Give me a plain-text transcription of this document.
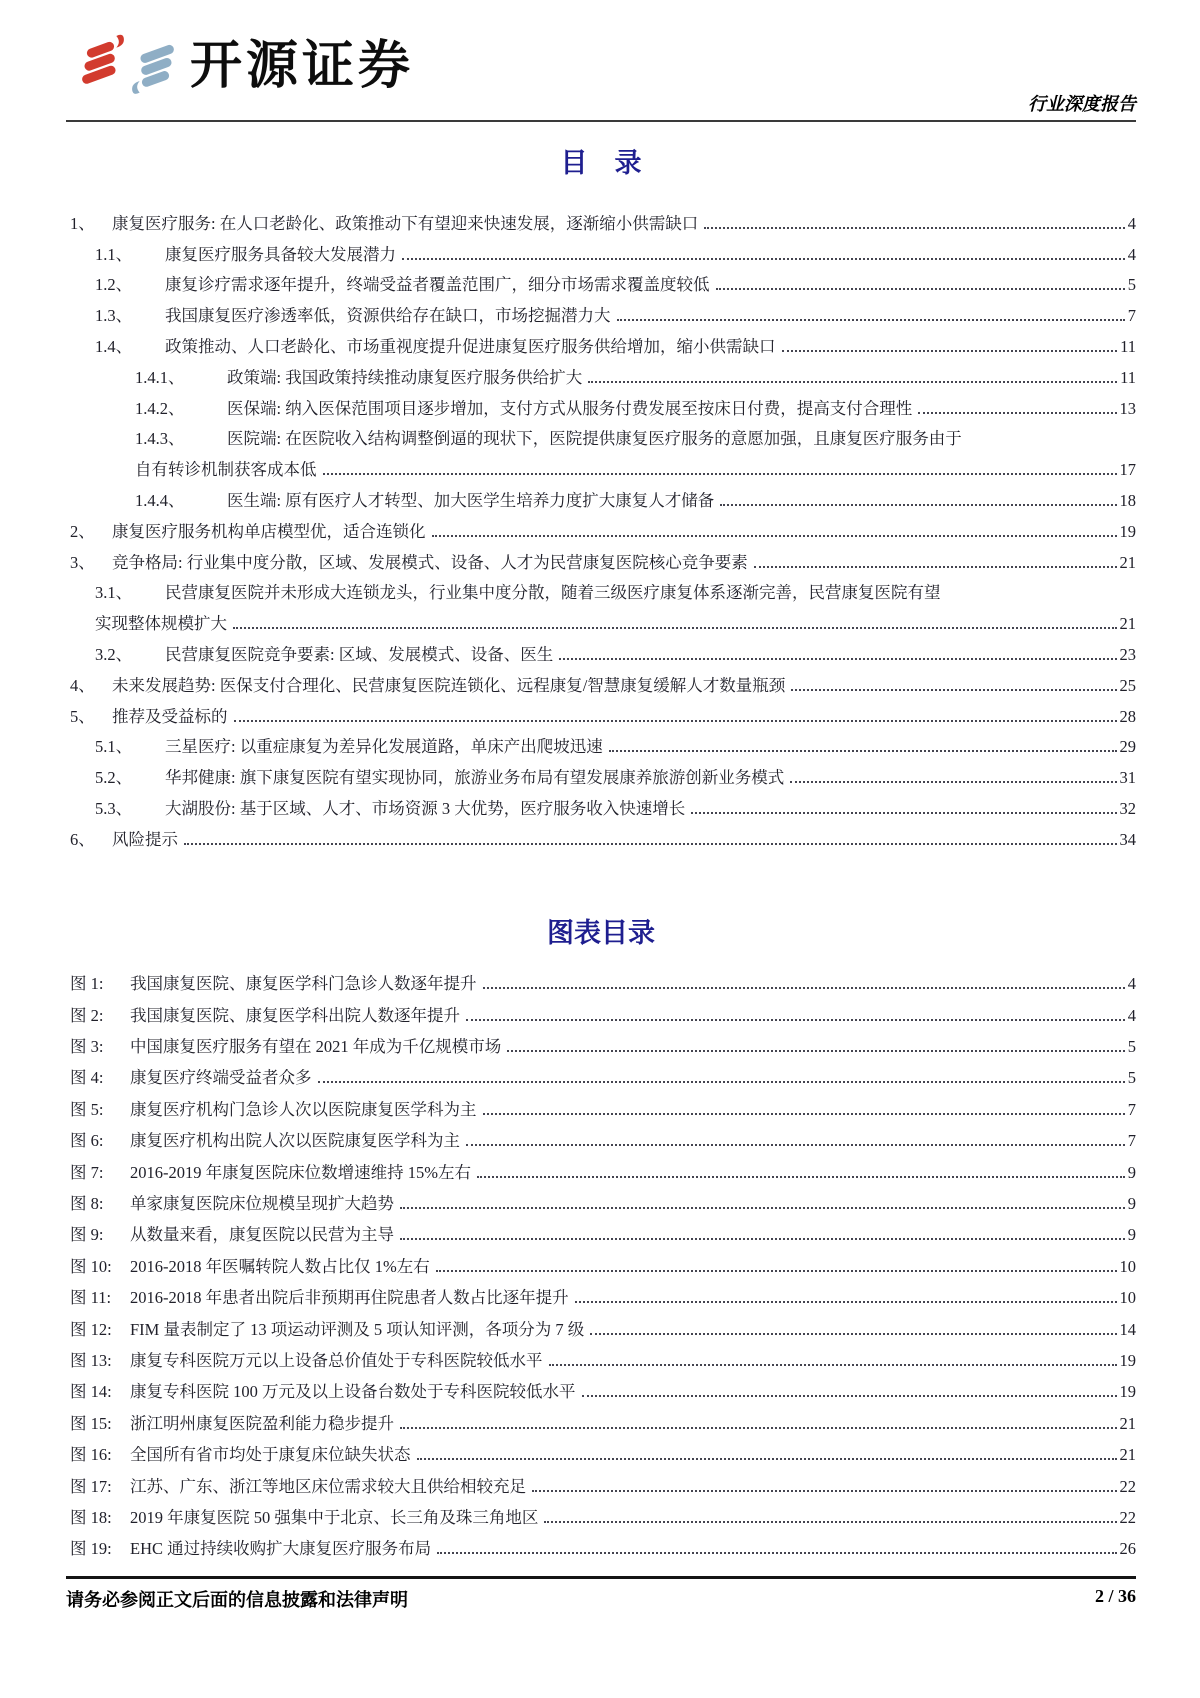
开源证券
行业深度报告
目　录
1、	康复医疗服务: 在人口老龄化、政策推动下有望迎来快速发展，逐渐缩小供需缺口	4
1.1、	康复医疗服务具备较大发展潜力	4
1.2、	康复诊疗需求逐年提升，终端受益者覆盖范围广，细分市场需求覆盖度较低	5
1.3、	我国康复医疗渗透率低，资源供给存在缺口，市场挖掘潜力大	7
1.4、	政策推动、人口老龄化、市场重视度提升促进康复医疗服务供给增加，缩小供需缺口	11
1.4.1、	政策端: 我国政策持续推动康复医疗服务供给扩大	11
1.4.2、	医保端: 纳入医保范围项目逐步增加，支付方式从服务付费发展至按床日付费，提高支付合理性	13
1.4.3、	医院端: 在医院收入结构调整倒逼的现状下，医院提供康复医疗服务的意愿加强，且康复医疗服务由于
自有转诊机制获客成本低	17
1.4.4、	医生端: 原有医疗人才转型、加大医学生培养力度扩大康复人才储备	18
2、	康复医疗服务机构单店模型优，适合连锁化	19
3、	竞争格局: 行业集中度分散，区域、发展模式、设备、人才为民营康复医院核心竞争要素	21
3.1、	民营康复医院并未形成大连锁龙头，行业集中度分散，随着三级医疗康复体系逐渐完善，民营康复医院有望
实现整体规模扩大	21
3.2、	民营康复医院竞争要素: 区域、发展模式、设备、医生	23
4、	未来发展趋势: 医保支付合理化、民营康复医院连锁化、远程康复/智慧康复缓解人才数量瓶颈	25
5、	推荐及受益标的	28
5.1、	三星医疗: 以重症康复为差异化发展道路，单床产出爬坡迅速	29
5.2、	华邦健康: 旗下康复医院有望实现协同，旅游业务布局有望发展康养旅游创新业务模式	31
5.3、	大湖股份: 基于区域、人才、市场资源 3 大优势，医疗服务收入快速增长	32
6、	风险提示	34
图表目录
图 1:	我国康复医院、康复医学科门急诊人数逐年提升	4
图 2:	我国康复医院、康复医学科出院人数逐年提升	4
图 3:	中国康复医疗服务有望在 2021 年成为千亿规模市场	5
图 4:	康复医疗终端受益者众多	5
图 5:	康复医疗机构门急诊人次以医院康复医学科为主	7
图 6:	康复医疗机构出院人次以医院康复医学科为主	7
图 7:	2016-2019 年康复医院床位数增速维持 15%左右	9
图 8:	单家康复医院床位规模呈现扩大趋势	9
图 9:	从数量来看，康复医院以民营为主导	9
图 10:	2016-2018 年医嘱转院人数占比仅 1%左右	10
图 11:	2016-2018 年患者出院后非预期再住院患者人数占比逐年提升	10
图 12:	FIM 量表制定了 13 项运动评测及 5 项认知评测，各项分为 7 级	14
图 13:	康复专科医院万元以上设备总价值处于专科医院较低水平	19
图 14:	康复专科医院 100 万元及以上设备台数处于专科医院较低水平	19
图 15:	浙江明州康复医院盈利能力稳步提升	21
图 16:	全国所有省市均处于康复床位缺失状态	21
图 17:	江苏、广东、浙江等地区床位需求较大且供给相较充足	22
图 18:	2019 年康复医院 50 强集中于北京、长三角及珠三角地区	22
图 19:	EHC 通过持续收购扩大康复医疗服务布局	26
请务必参阅正文后面的信息披露和法律声明	2 / 36
